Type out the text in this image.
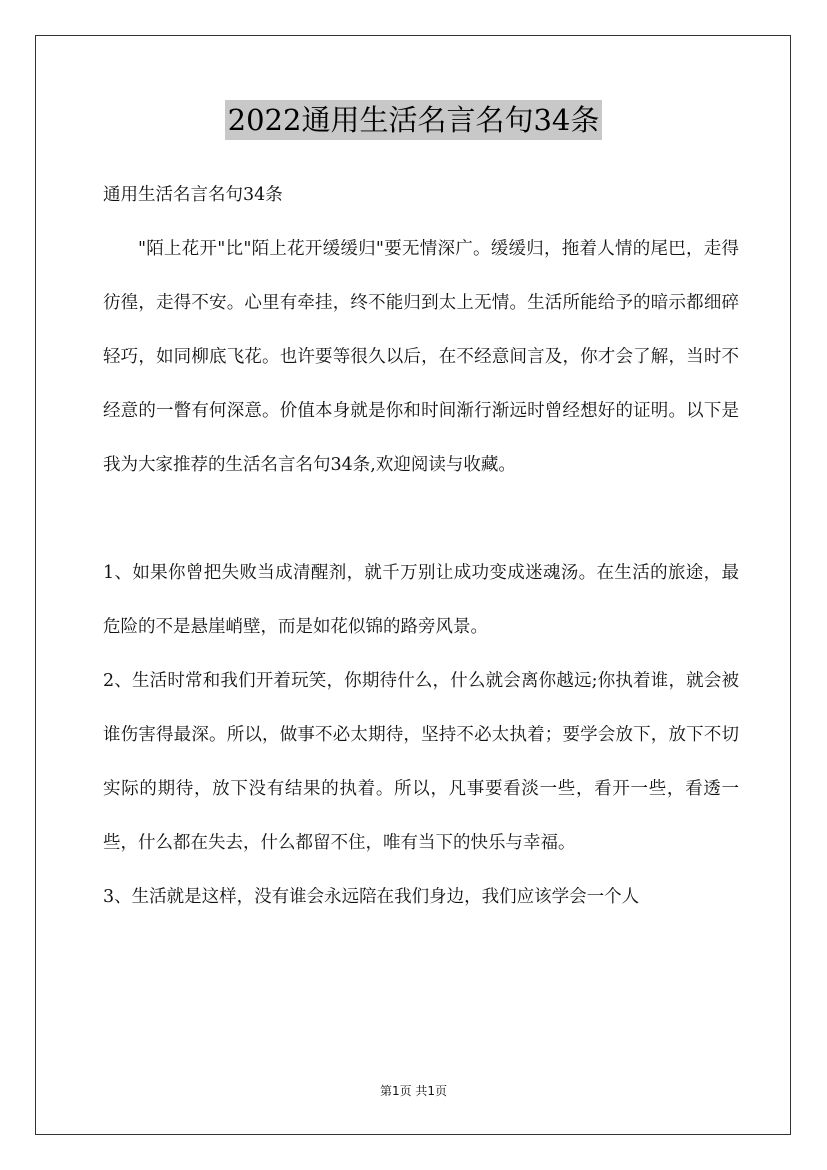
2022通用生活名言名句34条

通用生活名言名句34条

"陌上花开"比"陌上花开缓缓归"要无情深广。缓缓归，拖着人情的尾巴，走得彷徨，走得不安。心里有牵挂，终不能归到太上无情。生活所能给予的暗示都细碎轻巧，如同柳底飞花。也许要等很久以后，在不经意间言及，你才会了解，当时不经意的一瞥有何深意。价值本身就是你和时间渐行渐远时曾经想好的证明。以下是我为大家推荐的生活名言名句34条,欢迎阅读与收藏。

1、如果你曾把失败当成清醒剂，就千万别让成功变成迷魂汤。在生活的旅途，最危险的不是悬崖峭壁，而是如花似锦的路旁风景。

2、生活时常和我们开着玩笑，你期待什么，什么就会离你越远;你执着谁，就会被谁伤害得最深。所以，做事不必太期待，坚持不必太执着；要学会放下，放下不切实际的期待，放下没有结果的执着。所以，凡事要看淡一些，看开一些，看透一些，什么都在失去，什么都留不住，唯有当下的快乐与幸福。

3、生活就是这样，没有谁会永远陪在我们身边，我们应该学会一个人

第1页 共1页
